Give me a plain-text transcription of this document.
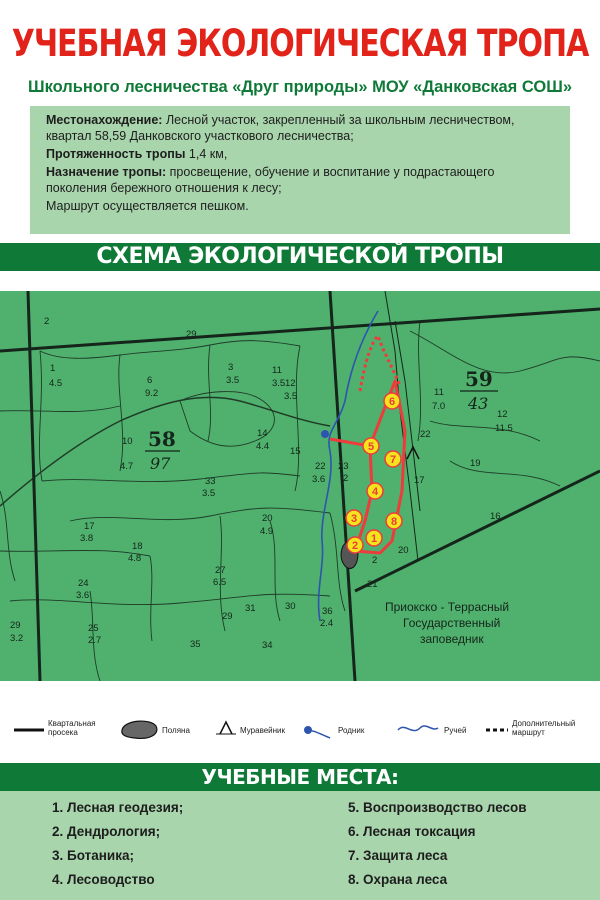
УЧЕБНАЯ ЭКОЛОГИЧЕСКАЯ ТРОПА
Школьного лесничества «Друг природы» МОУ «Данковская СОШ»

Местонахождение: Лесной участок, закрепленный за школьным лесничеством, квартал 58,59 Данковского участкового лесничества;

Протяженность тропы 1,4 км,

Назначение тропы: просвещение, обучение и воспитание у подрастающего поколения бережного отношения к лесу;

Маршрут осуществляется пешком.

СХЕМА ЭКОЛОГИЧЕСКОЙ ТРОПЫ
58
97
59
43
Приокско - Террасный
Государственный
заповедник
2
29
1
4.5	6
9.2
3
3.5
11
3.5 12
3.5
14
4.4
10
4.7
15
33
3.5
22
3.6
23
2
20
4.9
17
3.8
18
4.8
24
3.6
27
6.5
25
2.7
29
3.2
30
29
31
35	34
36
2.4
11
7.0
12
11.5
19
16
21
20
2
17
22
1
2
3
4
5
6
7
8
Квартальная просека	Поляна	Муравейник	Родник	Ручей
Дополнительный маршрут
УЧЕБНЫЕ МЕСТА:
1. Лесная геодезия;
2. Дендрология;
3. Ботаника;
4. Лесоводство
5. Воспроизводство лесов
6. Лесная токсация
7. Защита леса
8. Охрана леса
